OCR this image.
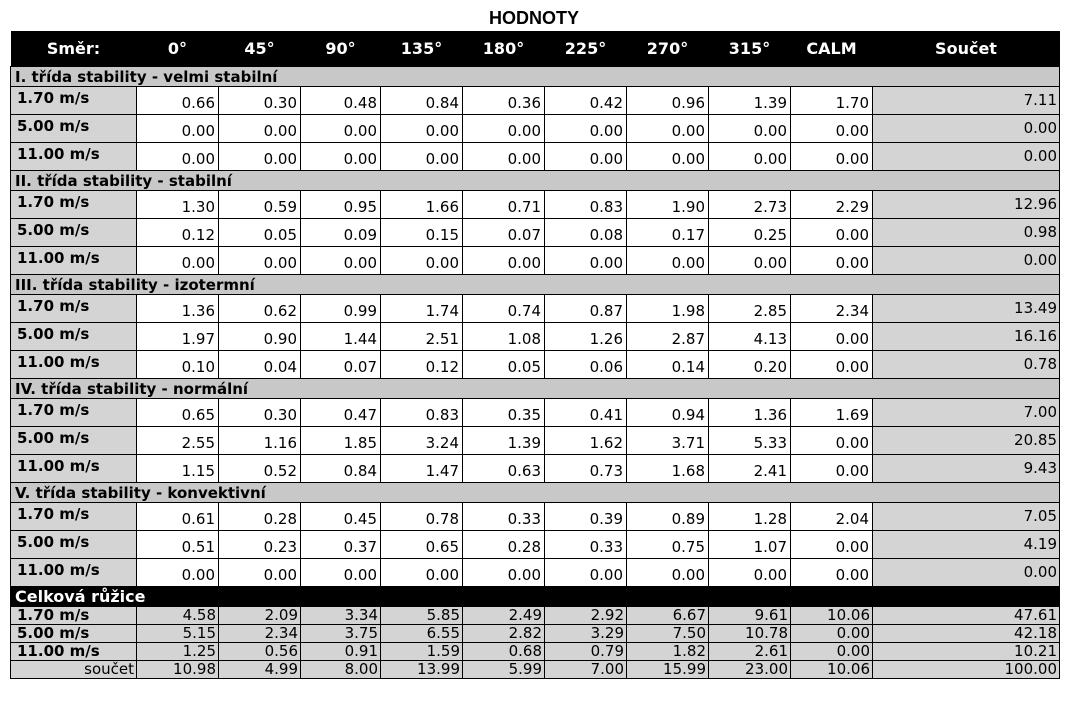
HODNOTY
Směr:	0°	45°	90°	135°	180°	225°	270°	315°	CALM	Součet
I. třída stability - velmi stabilní										
1.70 m/s	0.66	0.30	0.48	0.84	0.36	0.42	0.96	1.39	1.70	7.11
5.00 m/s	0.00	0.00	0.00	0.00	0.00	0.00	0.00	0.00	0.00	0.00
11.00 m/s	0.00	0.00	0.00	0.00	0.00	0.00	0.00	0.00	0.00	0.00
II. třída stability - stabilní										
1.70 m/s	1.30	0.59	0.95	1.66	0.71	0.83	1.90	2.73	2.29	12.96
5.00 m/s	0.12	0.05	0.09	0.15	0.07	0.08	0.17	0.25	0.00	0.98
11.00 m/s	0.00	0.00	0.00	0.00	0.00	0.00	0.00	0.00	0.00	0.00
III. třída stability - izotermní										
1.70 m/s	1.36	0.62	0.99	1.74	0.74	0.87	1.98	2.85	2.34	13.49
5.00 m/s	1.97	0.90	1.44	2.51	1.08	1.26	2.87	4.13	0.00	16.16
11.00 m/s	0.10	0.04	0.07	0.12	0.05	0.06	0.14	0.20	0.00	0.78
IV. třída stability - normální										
1.70 m/s	0.65	0.30	0.47	0.83	0.35	0.41	0.94	1.36	1.69	7.00
5.00 m/s	2.55	1.16	1.85	3.24	1.39	1.62	3.71	5.33	0.00	20.85
11.00 m/s	1.15	0.52	0.84	1.47	0.63	0.73	1.68	2.41	0.00	9.43
V. třída stability - konvektivní										
1.70 m/s	0.61	0.28	0.45	0.78	0.33	0.39	0.89	1.28	2.04	7.05
5.00 m/s	0.51	0.23	0.37	0.65	0.28	0.33	0.75	1.07	0.00	4.19
11.00 m/s	0.00	0.00	0.00	0.00	0.00	0.00	0.00	0.00	0.00	0.00
Celková růžice										
1.70 m/s	4.58	2.09	3.34	5.85	2.49	2.92	6.67	9.61	10.06	47.61
5.00 m/s	5.15	2.34	3.75	6.55	2.82	3.29	7.50	10.78	0.00	42.18
11.00 m/s	1.25	0.56	0.91	1.59	0.68	0.79	1.82	2.61	0.00	10.21
součet	10.98	4.99	8.00	13.99	5.99	7.00	15.99	23.00	10.06	100.00
